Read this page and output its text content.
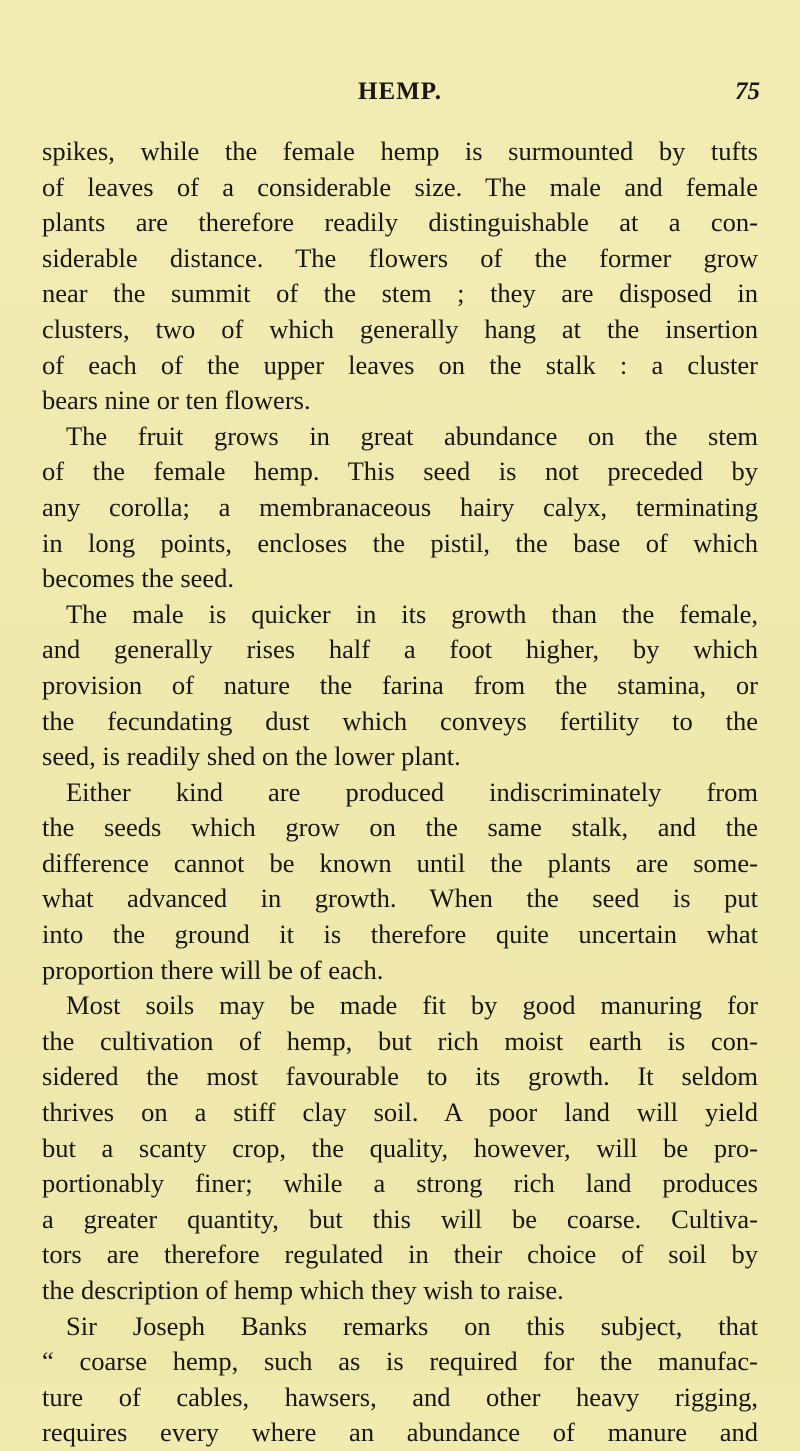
HEMP.	75
spikes, while the female hemp is surmounted by tufts
of leaves of a considerable size. The male and female
plants are therefore readily distinguishable at a con-
siderable distance. The flowers of the former grow
near the summit of the stem ; they are disposed in
clusters, two of which generally hang at the insertion
of each of the upper leaves on the stalk : a cluster
bears nine or ten flowers.
The fruit grows in great abundance on the stem
of the female hemp. This seed is not preceded by
any corolla; a membranaceous hairy calyx, terminating
in long points, encloses the pistil, the base of which
becomes the seed.
The male is quicker in its growth than the female,
and generally rises half a foot higher, by which
provision of nature the farina from the stamina, or
the fecundating dust which conveys fertility to the
seed, is readily shed on the lower plant.
Either kind are produced indiscriminately from
the seeds which grow on the same stalk, and the
difference cannot be known until the plants are some-
what advanced in growth. When the seed is put
into the ground it is therefore quite uncertain what
proportion there will be of each.
Most soils may be made fit by good manuring for
the cultivation of hemp, but rich moist earth is con-
sidered the most favourable to its growth. It seldom
thrives on a stiff clay soil. A poor land will yield
but a scanty crop, the quality, however, will be pro-
portionably finer; while a strong rich land produces
a greater quantity, but this will be coarse. Cultiva-
tors are therefore regulated in their choice of soil by
the description of hemp which they wish to raise.
Sir Joseph Banks remarks on this subject, that
“ coarse hemp, such as is required for the manufac-
ture of cables, hawsers, and other heavy rigging,
requires every where an abundance of manure and
